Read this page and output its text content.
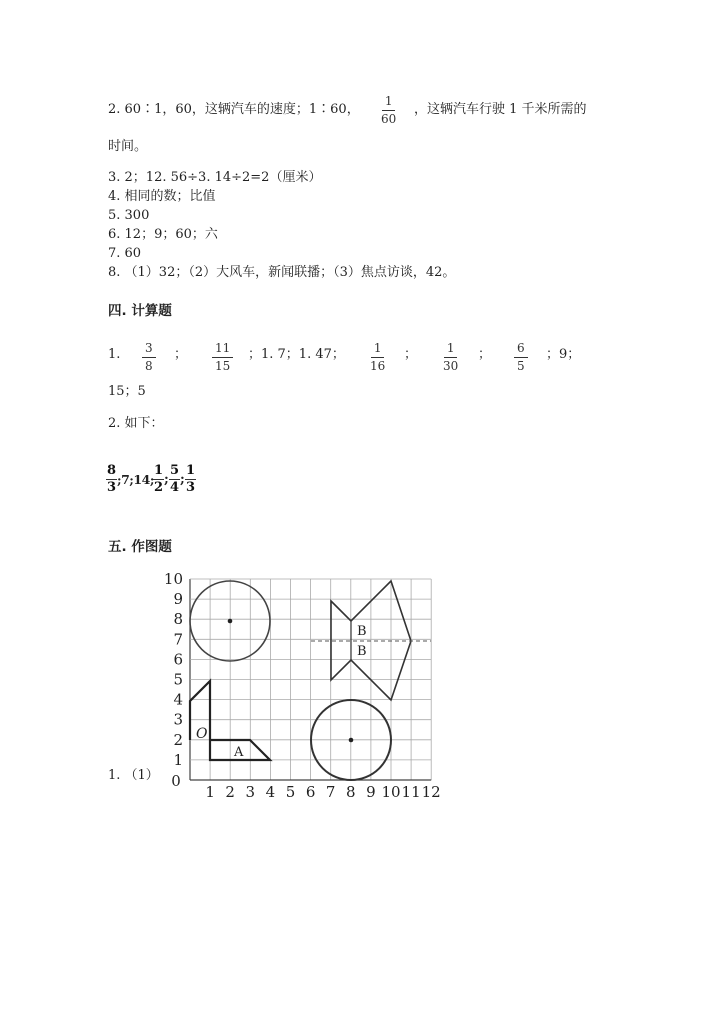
2. 60∶1，60，这辆汽车的速度；1∶60， $\frac{1}{60}$ ，这辆汽车行驶 1 千米所需的
时间。
3. 2；12. 56÷3. 14÷2=2（厘米）
4. 相同的数；比值
5. 300
6. 12；9；60；六
7. 60
8. （1）32；（2）大风车，新闻联播；（3）焦点访谈，42。
四. 计算题
1. $\frac{3}{8}$ ； $\frac{11}{15}$ ；1. 7；1. 47； $\frac{1}{16}$ ； $\frac{1}{30}$ ； $\frac{6}{5}$ ；9；
15；5
2. 如下：
$\frac{8}{3}$ ;7;14; $\frac{1}{2}$ ; $\frac{5}{4}$ ; $\frac{1}{3}$
五. 作图题
1. （1） 0
1 2 3 4 5 6 7 8 9 10 11 12
1
2
3
4
5
6
7
8
9
10
O
A
B
B
